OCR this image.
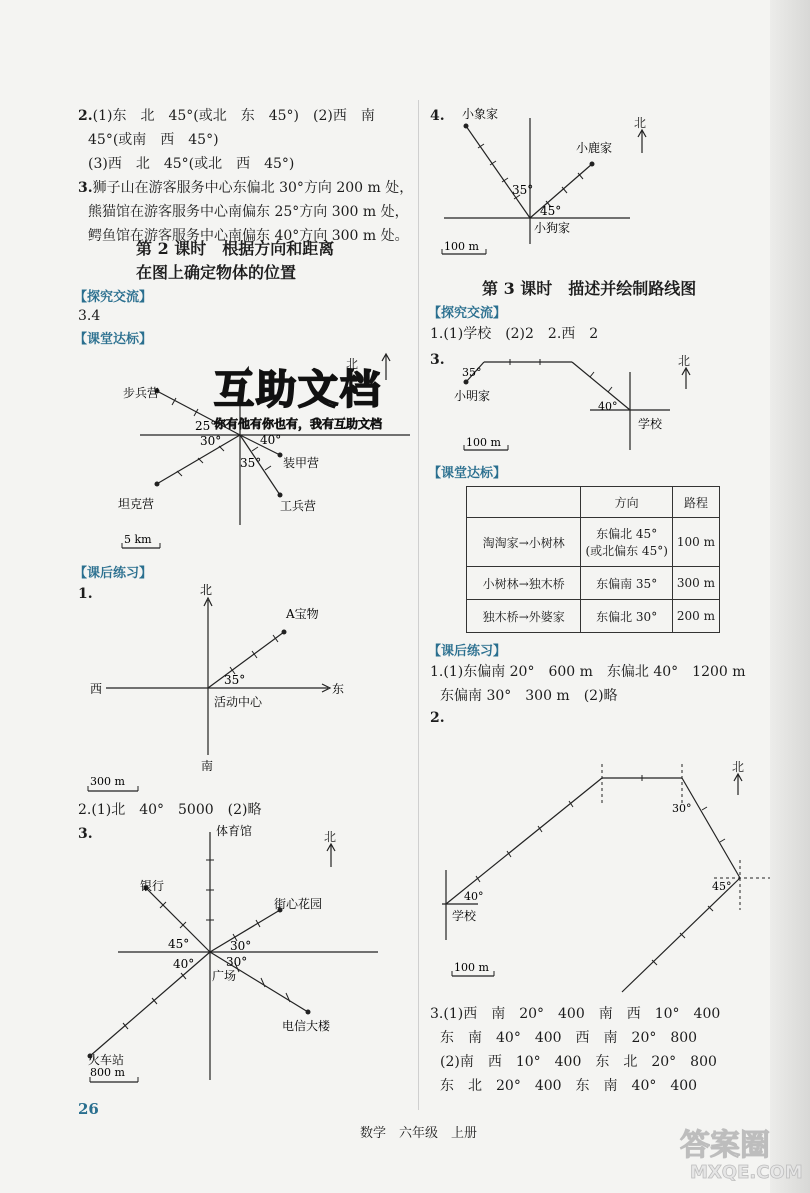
2.(1)东　北　45°(或北　东　45°)　(2)西　南
45°(或南　西　45°)
(3)西　北　45°(或北　西　45°)
3.狮子山在游客服务中心东偏北 30°方向 200 m 处，
熊猫馆在游客服务中心南偏东 25°方向 300 m 处，
鳄鱼馆在游客服务中心南偏东 40°方向 300 m 处。
第 2 课时　根据方向和距离
在图上确定物体的位置
【探究交流】
3.4
【课堂达标】
步兵营
坦克营
装甲营
工兵营
25°
30°	40°
35°
5 km
北
互助文档
你有他有你也有，我有互助文档
【课后练习】
1.	北
南
东
西
A宝物
活动中心
35°
300 m
2.(1)北　40°　5000　(2)略
3.	体育馆
银行
街心花园
广场
电信大楼
火车站
45°	30°
40°	30°
800 m
北
26
4. 小象家
小鹿家
小狗家
35°
45°
100 m
北
第 3 课时　描述并绘制路线图
【探究交流】
1.(1)学校　(2)2　2.西　2
3.
35°
小明家
40°
学校
100 m
北
【课堂达标】
	方向	路程
淘淘家→小树林	东偏北 45°
(或北偏东 45°)	100 m
小树林→独木桥	东偏南 35°	300 m
独木桥→外婆家	东偏北 30°	200 m
【课后练习】
1.(1)东偏南 20°　600 m　东偏北 40°　1200 m
东偏南 30°　300 m　(2)略
2.
40°
30°
45°
学校
100 m
北
3.(1)西　南　20°　400　南　西　10°　400
东　南　40°　400　西　南　20°　800
(2)南　西　10°　400　东　北　20°　800
东　北　20°　400　东　南　40°　400
数学　六年级　上册	答案圈
MXQE.COM
